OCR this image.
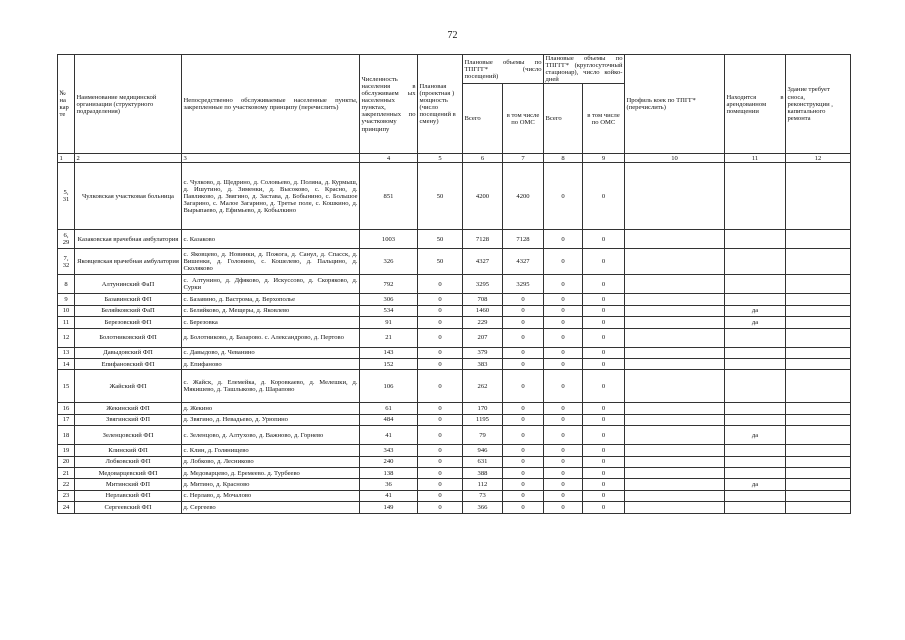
72
№ на кар те	Наименование медицинской организации (структурного подразделения)	Непосредственно обслуживаемые населенные пункты, закрепленные по участковому принципу (перечислить)	Численность населения в обслуживаем ых населенных пунктах, закрепленных по участковому принципу	Плановая (проектная ) мощность (число посещений в смену)	Плановые объемы по ТПГГГ* (число посещений)		Плановые объемы по ТПГГГ* (круглосуточный стационар), число койко-дней		Профиль коек по ТПГГ* (перечислить)	Находится в арендованном помещении	Здание требует сноса, реконструкции , капитального ремонта
					Всего	в том числе по ОМС	Всего	в том числе по ОМС			
1	2	3	4	5	6	7	8	9	10	11	12
5, 31	Чулковская участковая больница	с. Чулково, д. Щедрино, д. Соловьево, д. Поляна, д. Курмыш, д. Ишутино, д. Зименки, д. Высоково, с. Красно, д. Павликово, д. Звягино, д. Застава, д. Бобынино, с. Большое Загарино, с. Малое Загарино, д. Третье поле, с. Кошкино, д. Вырыпаево, д. Ефимьево, д. Кобылкино	851	50	4200	4200	0	0			
6, 29	Казаковская врачебная амбулатория	с. Казаково	1003	50	7128	7128	0	0			
7, 32	Яковцевская врачебная амбулатория	с. Яковцево, д. Новинки, д. Пожога, д. Санул, д. Спасск, д. Вишенки, д. Головино, с. Кошелево, д. Пальцино, д. Сколяково	326	50	4327	4327	0	0			
8	Алтунинский ФаП	с. Алтунино, д. Дфяково, д. Искуссово, д. Скоряково, д. Сурки	792	0	3295	3295	0	0			
9	Базавинский ФП	с. Базавино, д. Вастрома, д. Верхополье	306	0	708	0	0	0			
10	Беляйковский ФаП	с. Беляйково, д. Мещеры, д. Яковлево	534	0	1460	0	0	0		да	
11	Березовский ФП	с. Березовка	91	0	229	0	0	0		да	
12	Болотниковский ФП	д. Болотниково, д. Базарово. с. Александрово, д. Пертово	21	0	207	0	0	0			
13	Давыдовский ФП	с. Давыдово, д. Чеванино	143	0	379	0	0	0			
14	Епифановский ФП	д. Епифаново	152	0	383	0	0	0			
15	Жайский ФП	с. Жайск, д. Елемейка, д. Коровкаево, д. Мелешки, д. Мякишево, д. Ташлыково, д. Шарапово	106	0	262	0	0	0			
16	Жекинский ФП	д. Жекино	61	0	170	0	0	0			
17	Звягинский ФП	д. Звягино, д. Невадьево, д. Урюпино	484	0	1195	0	0	0			
18	Зеленцовский ФП	с. Зеленцово, д. Алтухово, д. Важново, д. Горнево	41	0	79	0	0	0		да	
19	Клинский ФП	с. Клин, д. Голянищево	343	0	946	0	0	0			
20	Лобковский ФП	д. Лобково, д. Лесниково	240	0	631	0	0	0			
21	Медоварцевский ФП	д. Медоварцево, д. Еремеево. д. Турбеево	138	0	388	0	0	0			
22	Митинский ФП	д. Митино, д. Красново	36	0	112	0	0	0		да	
23	Нерлавский ФП	с. Нерлаво, д. Мочалово	41	0	73	0	0	0			
24	Сергеевский ФП	д. Сергеево	149	0	366	0	0	0			
